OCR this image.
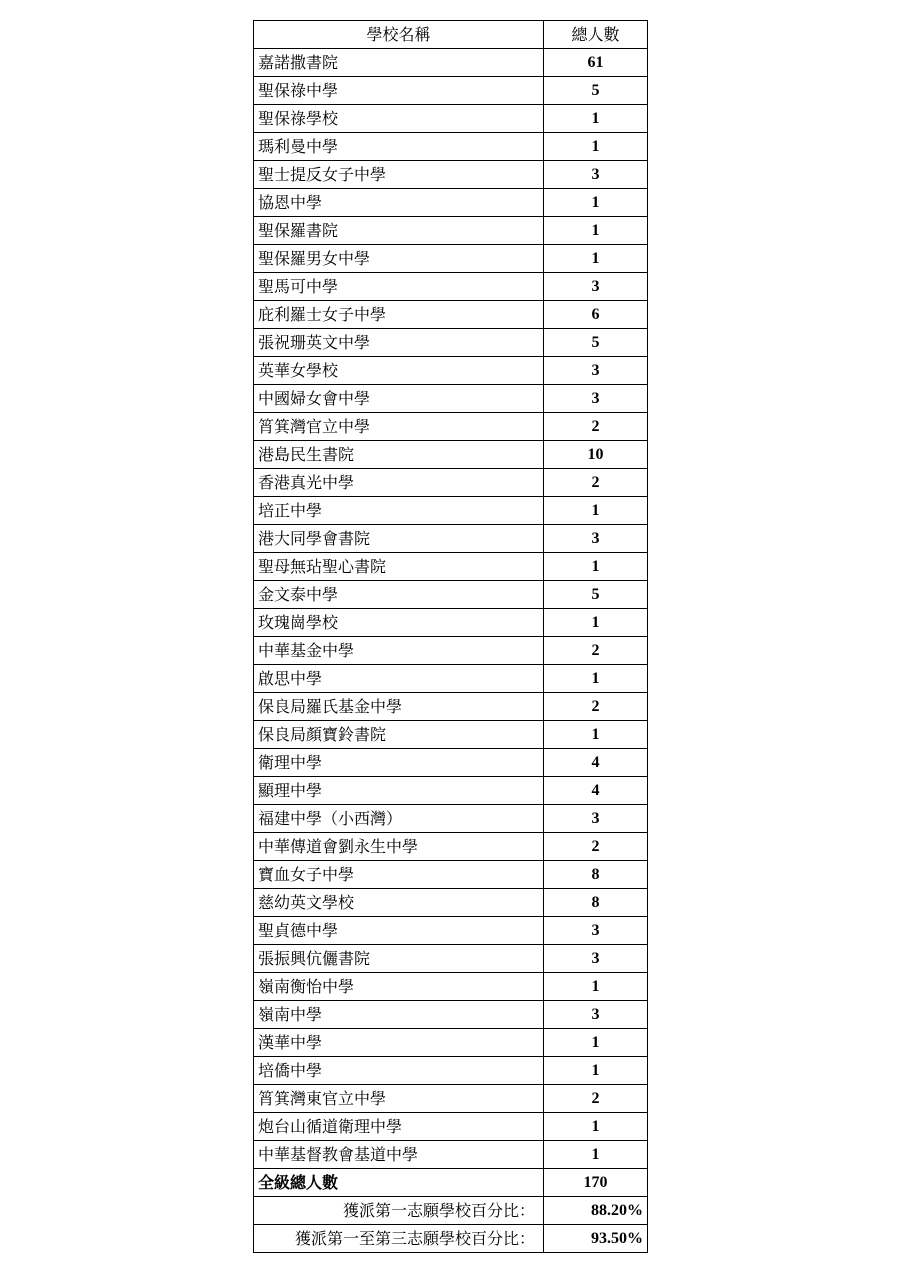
學校名稱	總人數
嘉諾撒書院	61
聖保祿中學	5
聖保祿學校	1
瑪利曼中學	1
聖士提反女子中學	3
協恩中學	1
聖保羅書院	1
聖保羅男女中學	1
聖馬可中學	3
庇利羅士女子中學	6
張祝珊英文中學	5
英華女學校	3
中國婦女會中學	3
筲箕灣官立中學	2
港島民生書院	10
香港真光中學	2
培正中學	1
港大同學會書院	3
聖母無玷聖心書院	1
金文泰中學	5
玫瑰崗學校	1
中華基金中學	2
啟思中學	1
保良局羅氏基金中學	2
保良局顏寶鈴書院	1
衛理中學	4
顯理中學	4
福建中學（小西灣）	3
中華傳道會劉永生中學	2
寶血女子中學	8
慈幼英文學校	8
聖貞德中學	3
張振興伉儷書院	3
嶺南衡怡中學	1
嶺南中學	3
漢華中學	1
培僑中學	1
筲箕灣東官立中學	2
炮台山循道衛理中學	1
中華基督教會基道中學	1
全級總人數	170
獲派第一志願學校百分比：	88.20%
獲派第一至第三志願學校百分比：	93.50%
